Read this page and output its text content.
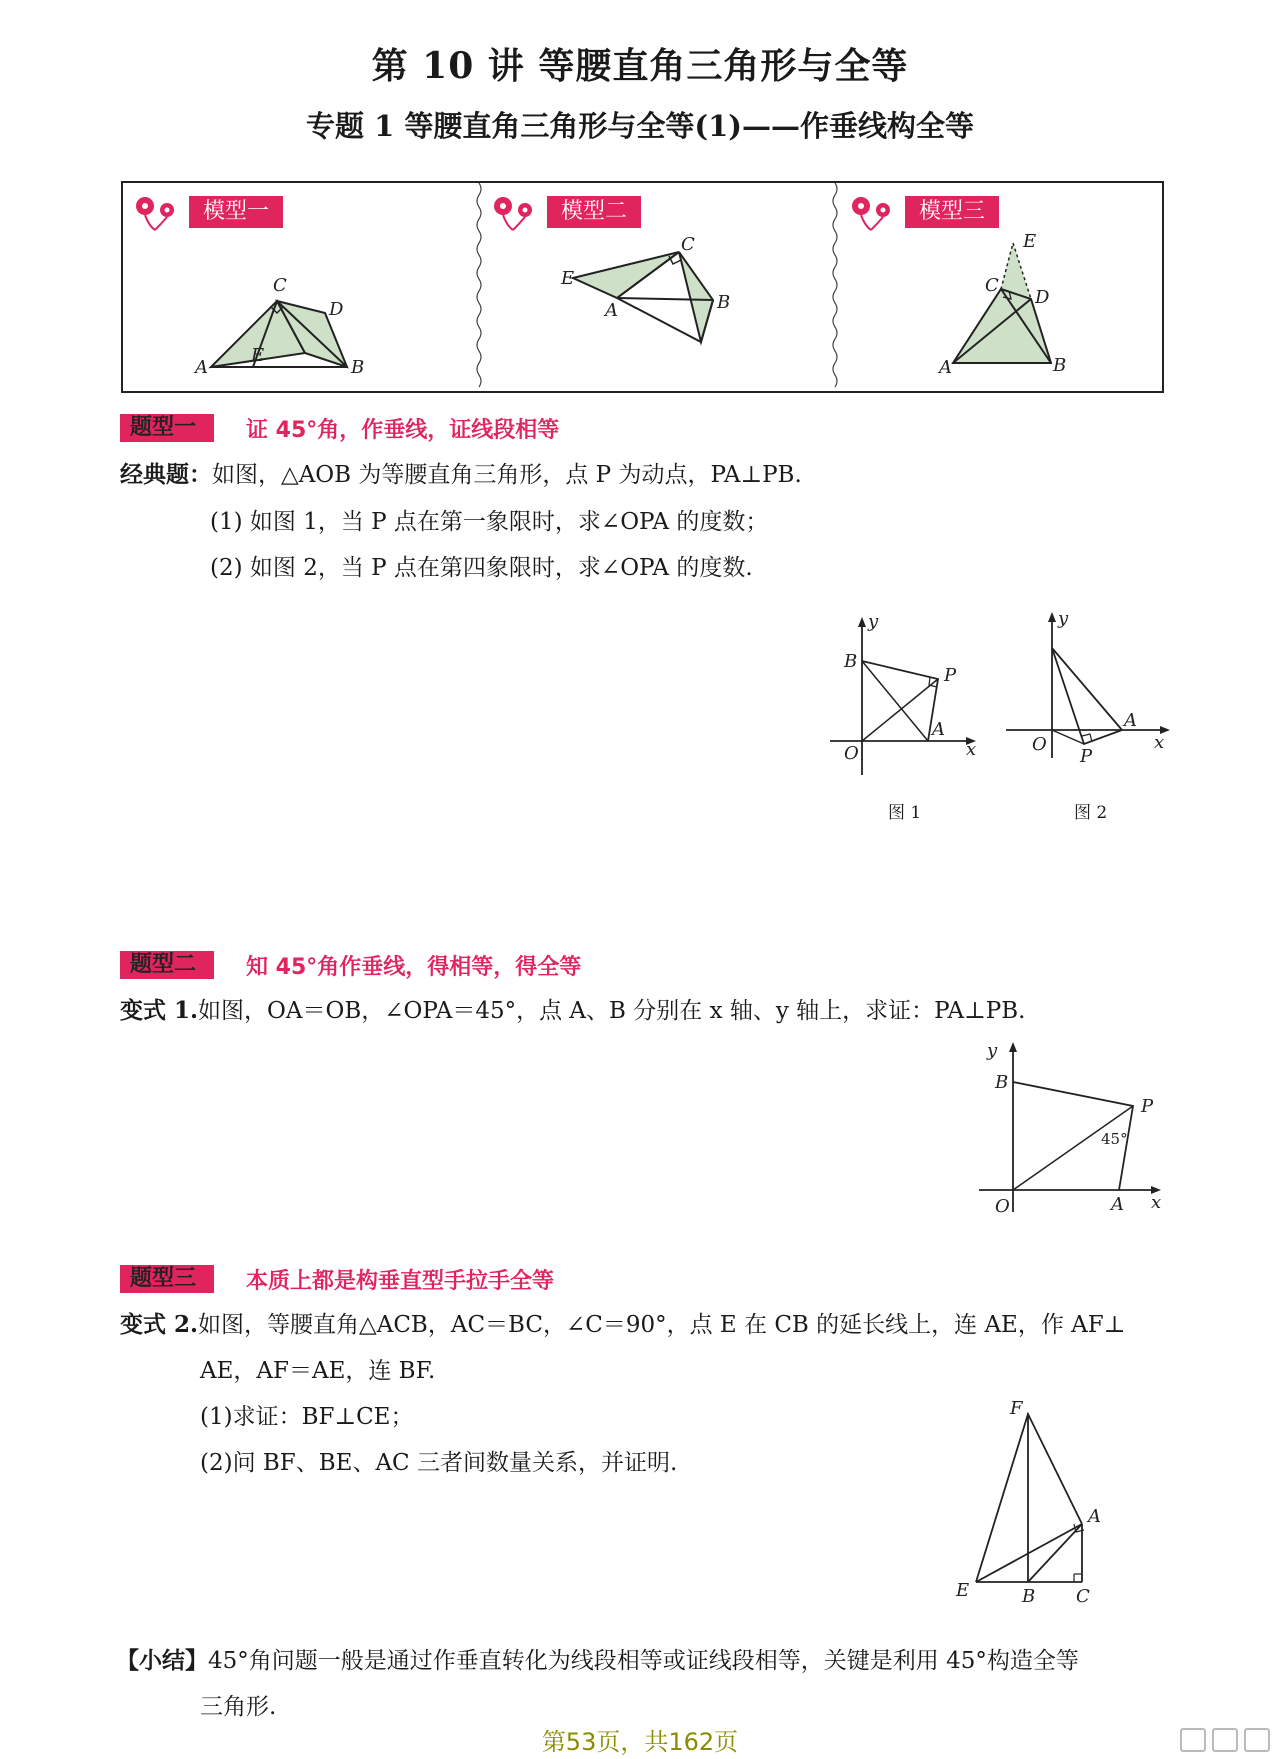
第 10 讲 等腰直角三角形与全等
专题 1 等腰直角三角形与全等(1)——作垂线构全等
模型一
C
D
E
A	B
模型二
C
E
A	B
模型三
E
C
D
A	B
题型一	证 45°角，作垂线，证线段相等
经典题：如图，△AOB 为等腰直角三角形，点 P 为动点，PA⊥PB.
(1) 如图 1，当 P 点在第一象限时，求∠OPA 的度数；
(2) 如图 2，当 P 点在第四象限时，求∠OPA 的度数.
y
B
P
A
O	x
图 1
y
A
O
P
x
图 2
题型二	知 45°角作垂线，得相等，得全等
变式 1.如图，OA＝OB，∠OPA＝45°，点 A、B 分别在 x 轴、y 轴上，求证：PA⊥PB.
y
B
P
45°
O	A x
题型三	本质上都是构垂直型手拉手全等
变式 2.如图，等腰直角△ACB，AC＝BC，∠C＝90°，点 E 在 CB 的延长线上，连 AE，作 AF⊥
AE，AF＝AE，连 BF.
(1)求证：BF⊥CE；
(2)问 BF、BE、AC 三者间数量关系，并证明.
F
A
E	B C
【小结】45°角问题一般是通过作垂直转化为线段相等或证线段相等，关键是利用 45°构造全等
三角形.
第53页，共162页
